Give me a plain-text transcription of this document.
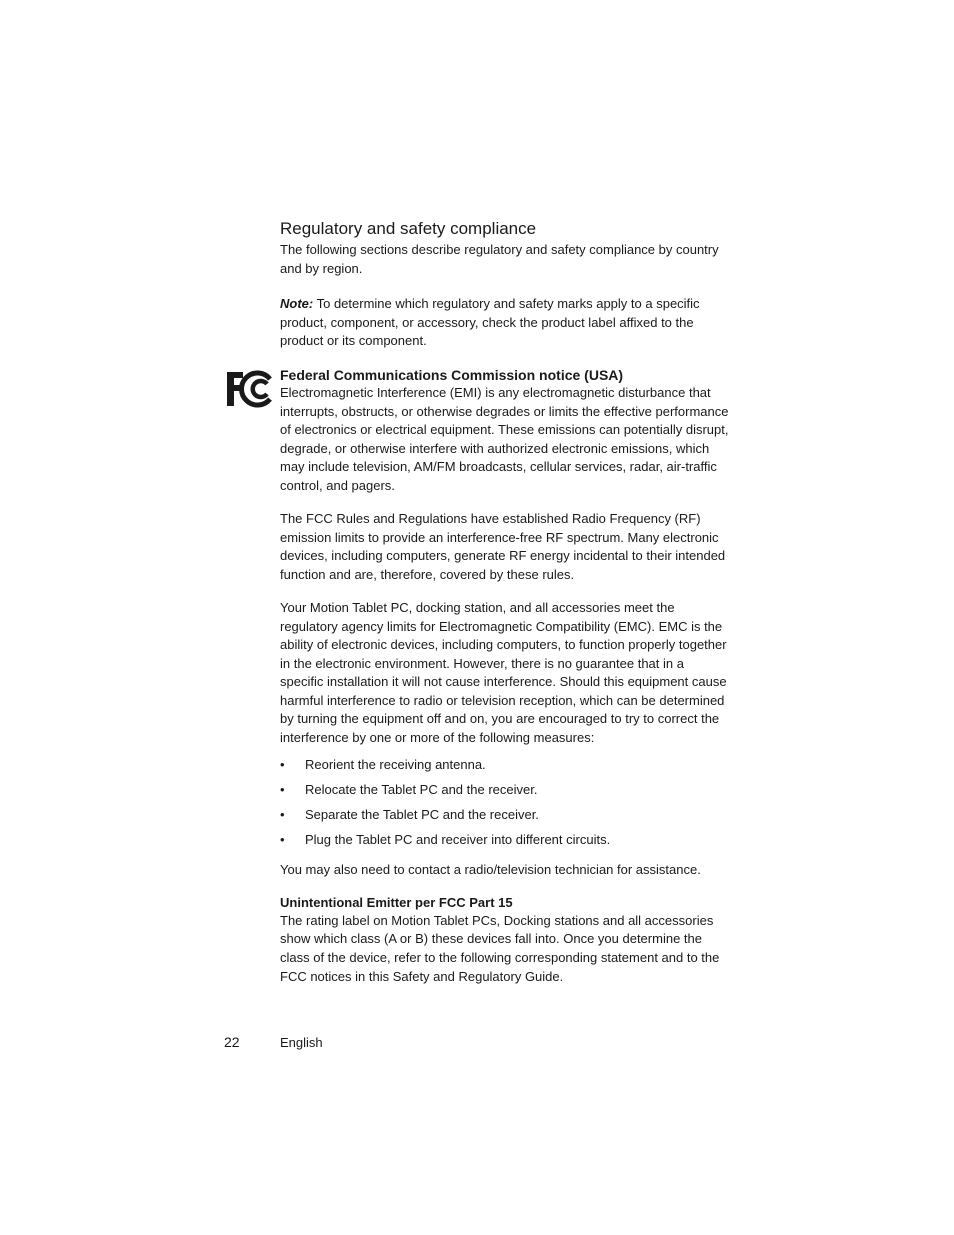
Regulatory and safety compliance

The following sections describe regulatory and safety compliance by country and by region.

Note: To determine which regulatory and safety marks apply to a specific product, component, or accessory, check the product label affixed to the product or its component.

Federal Communications Commission notice (USA)

Electromagnetic Interference (EMI) is any electromagnetic disturbance that interrupts, obstructs, or otherwise degrades or limits the effective performance of electronics or electrical equipment. These emissions can potentially disrupt, degrade, or otherwise interfere with authorized electronic emissions, which may include television, AM/FM broadcasts, cellular services, radar, air-traffic control, and pagers.

The FCC Rules and Regulations have established Radio Frequency (RF) emission limits to provide an interference-free RF spectrum. Many electronic devices, including computers, generate RF energy incidental to their intended function and are, therefore, covered by these rules.

Your Motion Tablet PC, docking station, and all accessories meet the regulatory agency limits for Electromagnetic Compatibility (EMC). EMC is the ability of electronic devices, including computers, to function properly together in the electronic environment. However, there is no guarantee that in a specific installation it will not cause interference. Should this equipment cause harmful interference to radio or television reception, which can be determined by turning the equipment off and on, you are encouraged to try to correct the interference by one or more of the following measures:

• Reorient the receiving antenna.
• Relocate the Tablet PC and the receiver.
• Separate the Tablet PC and the receiver.
• Plug the Tablet PC and receiver into different circuits.

You may also need to contact a radio/television technician for assistance.

Unintentional Emitter per FCC Part 15

The rating label on Motion Tablet PCs, Docking stations and all accessories show which class (A or B) these devices fall into. Once you determine the class of the device, refer to the following corresponding statement and to the FCC notices in this Safety and Regulatory Guide.

22	English
